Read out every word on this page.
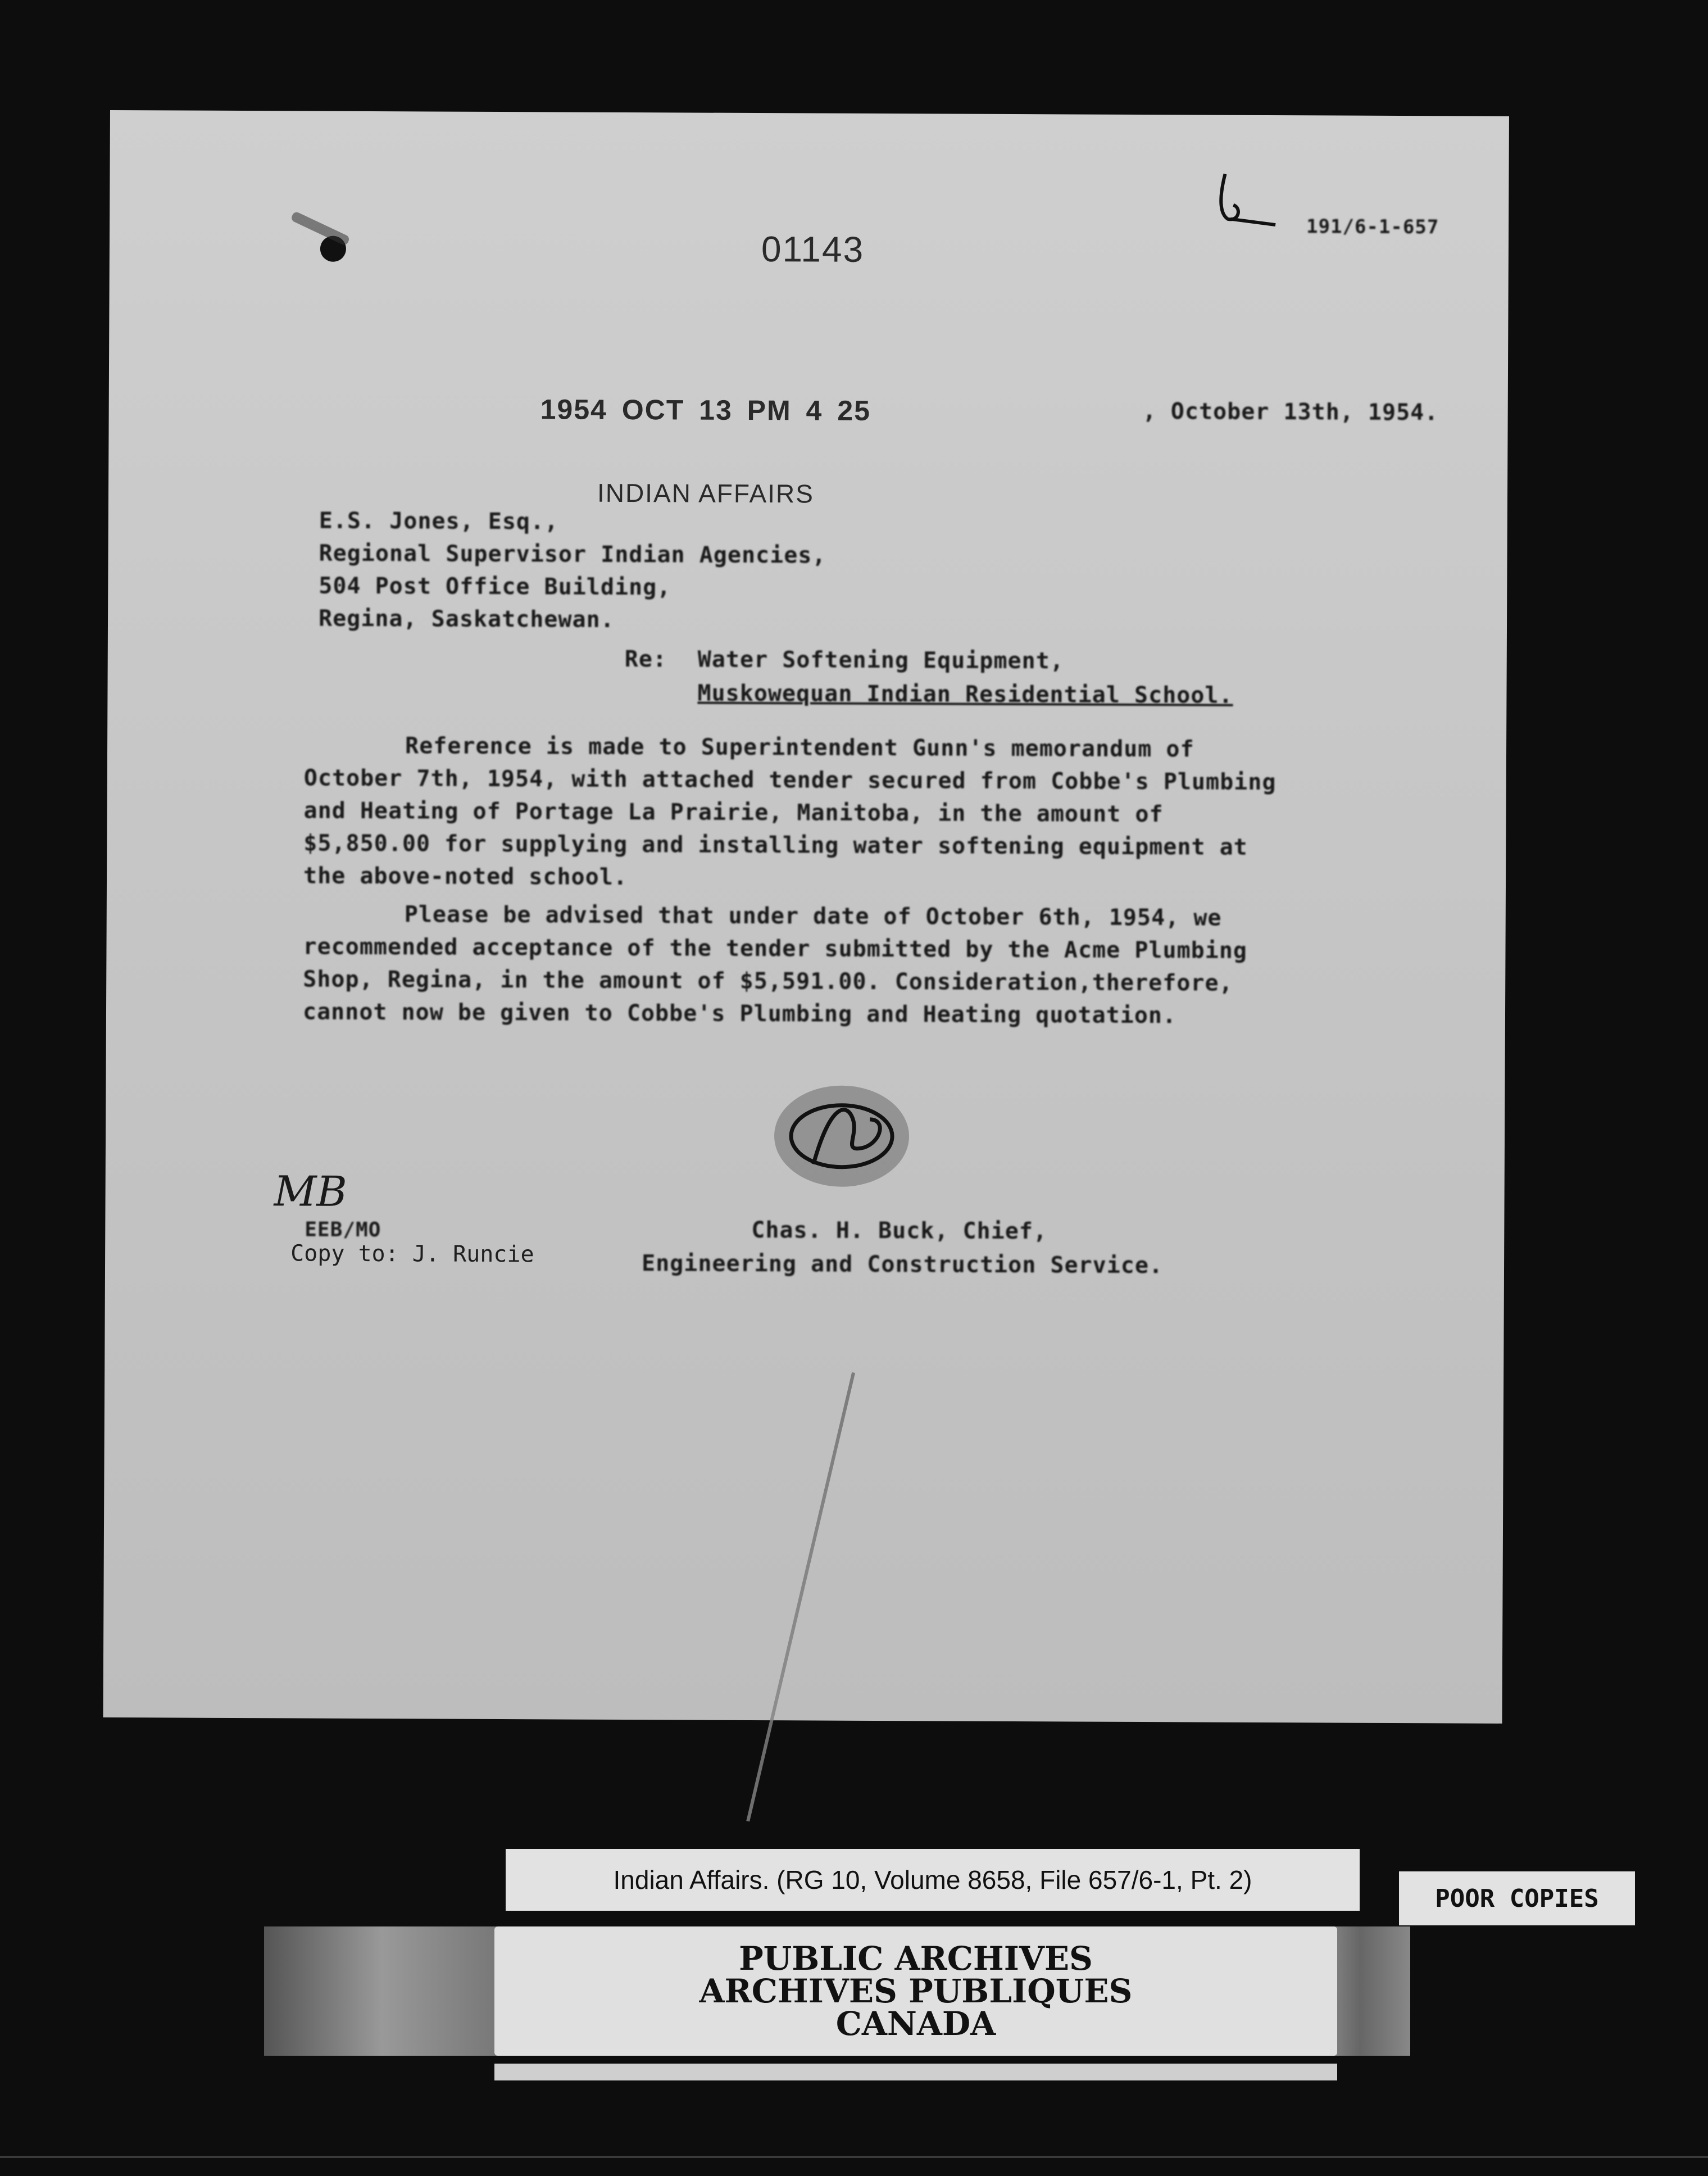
01143
191/6-1-657
1954 OCT 13 PM 4 25	, October 13th, 1954.
INDIAN AFFAIRS
E.S. Jones, Esq.,
Regional Supervisor Indian Agencies,
504 Post Office Building,
Regina, Saskatchewan.
Re: Water Softening Equipment,
Muskowequan Indian Residential School.
Reference is made to Superintendent Gunn's memorandum of October 7th, 1954, with attached tender secured from Cobbe's Plumbing and Heating of Portage La Prairie, Manitoba, in the amount of $5,850.00 for supplying and installing water softening equipment at the above-noted school.
Please be advised that under date of October 6th, 1954, we recommended acceptance of the tender submitted by the Acme Plumbing Shop, Regina, in the amount of $5,591.00. Consideration,therefore, cannot now be given to Cobbe's Plumbing and Heating quotation.
MB
EEB/MO
Copy to: J. Runcie
Chas. H. Buck, Chief,
Engineering and Construction Service.
Indian Affairs. (RG 10, Volume 8658, File 657/6-1, Pt. 2)
POOR COPIES
PUBLIC ARCHIVES
ARCHIVES PUBLIQUES
CANADA
